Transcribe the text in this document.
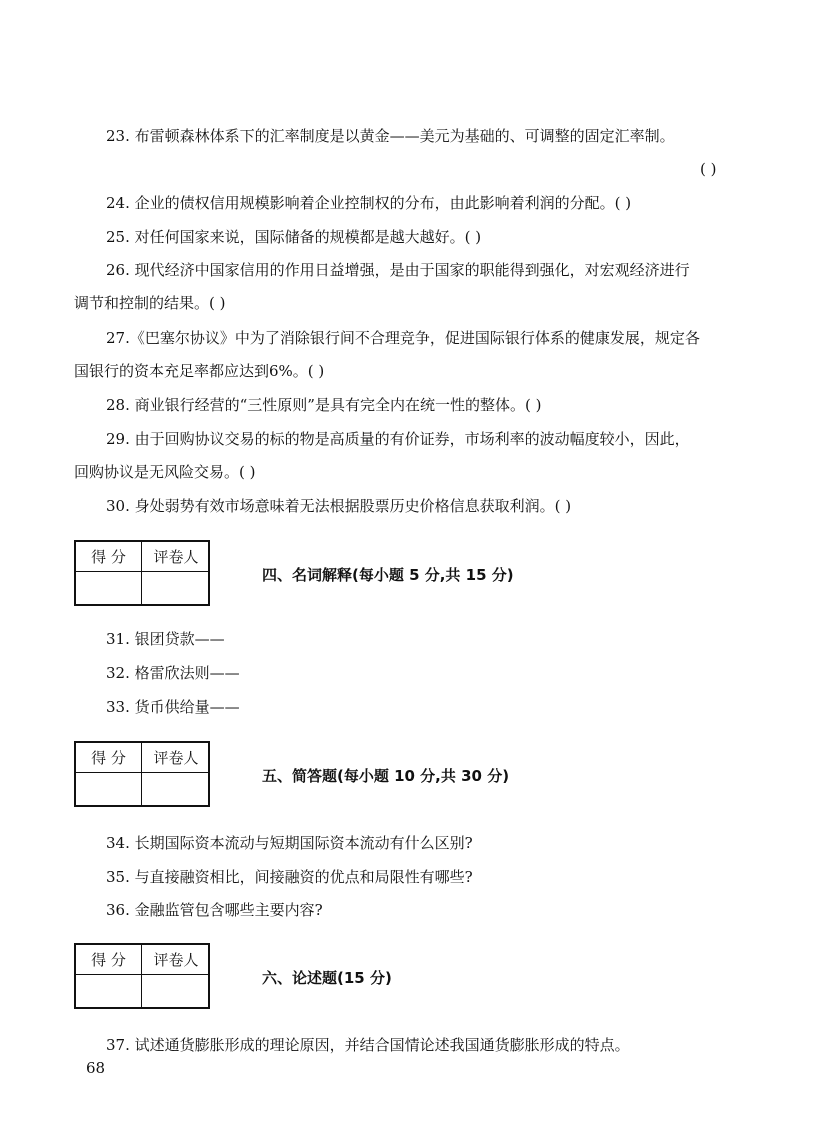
23. 布雷顿森林体系下的汇率制度是以黄金——美元为基础的、可调整的固定汇率制。
( )
24. 企业的债权信用规模影响着企业控制权的分布，由此影响着利润的分配。( )
25. 对任何国家来说，国际储备的规模都是越大越好。( )
26. 现代经济中国家信用的作用日益增强，是由于国家的职能得到强化，对宏观经济进行
调节和控制的结果。( )
27.《巴塞尔协议》中为了消除银行间不合理竞争，促进国际银行体系的健康发展，规定各
国银行的资本充足率都应达到6%。( )
28. 商业银行经营的“三性原则”是具有完全内在统一性的整体。( )
29. 由于回购协议交易的标的物是高质量的有价证券，市场利率的波动幅度较小，因此，
回购协议是无风险交易。( )
30. 身处弱势有效市场意味着无法根据股票历史价格信息获取利润。( )
得 分	评卷人
四、名词解释(每小题 5 分,共 15 分)
31. 银团贷款——
32. 格雷欣法则——
33. 货币供给量——
得 分	评卷人
五、简答题(每小题 10 分,共 30 分)
34. 长期国际资本流动与短期国际资本流动有什么区别?
35. 与直接融资相比，间接融资的优点和局限性有哪些?
36. 金融监管包含哪些主要内容?
得 分	评卷人
六、论述题(15 分)
37. 试述通货膨胀形成的理论原因，并结合国情论述我国通货膨胀形成的特点。
68
